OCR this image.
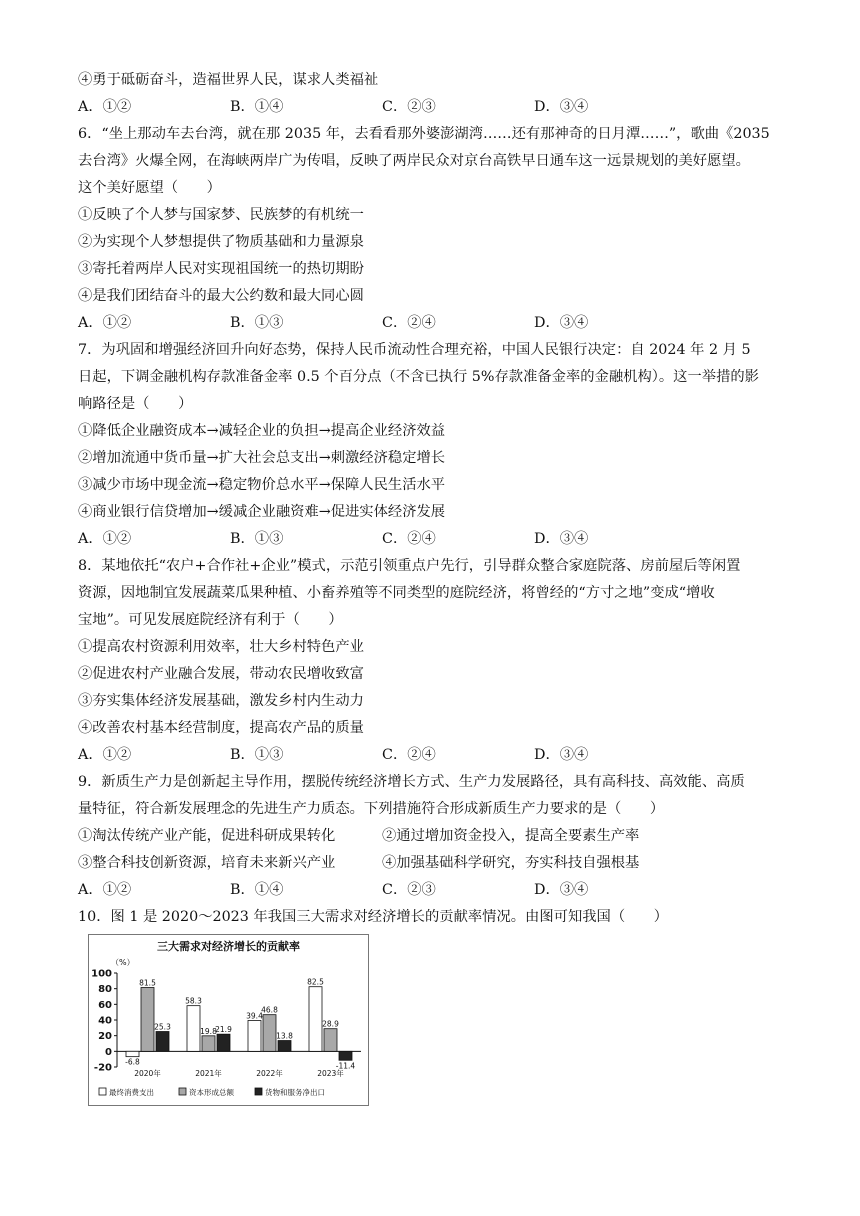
④勇于砥砺奋斗，造福世界人民，谋求人类福祉
A．①②	B．①④	C．②③	D．③④
6．“坐上那动车去台湾，就在那 2035 年，去看看那外婆澎湖湾……还有那神奇的日月潭……”，歌曲《2035
去台湾》火爆全网，在海峡两岸广为传唱，反映了两岸民众对京台高铁早日通车这一远景规划的美好愿望。
这个美好愿望（　　）
①反映了个人梦与国家梦、民族梦的有机统一
②为实现个人梦想提供了物质基础和力量源泉
③寄托着两岸人民对实现祖国统一的热切期盼
④是我们团结奋斗的最大公约数和最大同心圆
A．①②	B．①③	C．②④	D．③④
7．为巩固和增强经济回升向好态势，保持人民币流动性合理充裕，中国人民银行决定：自 2024 年 2 月 5
日起，下调金融机构存款准备金率 0.5 个百分点（不含已执行 5%存款准备金率的金融机构）。这一举措的影
响路径是（　　）
①降低企业融资成本→减轻企业的负担→提高企业经济效益
②增加流通中货币量→扩大社会总支出→刺激经济稳定增长
③减少市场中现金流→稳定物价总水平→保障人民生活水平
④商业银行信贷增加→缓减企业融资难→促进实体经济发展
A．①②	B．①③	C．②④	D．③④
8．某地依托“农户+合作社+企业”模式，示范引领重点户先行，引导群众整合家庭院落、房前屋后等闲置
资源，因地制宜发展蔬菜瓜果种植、小畜养殖等不同类型的庭院经济，将曾经的“方寸之地”变成“增收
宝地”。可见发展庭院经济有利于（　　）
①提高农村资源利用效率，壮大乡村特色产业
②促进农村产业融合发展，带动农民增收致富
③夯实集体经济发展基础，激发乡村内生动力
④改善农村基本经营制度，提高农产品的质量
A．①②	B．①③	C．②④	D．③④
9．新质生产力是创新起主导作用，摆脱传统经济增长方式、生产力发展路径，具有高科技、高效能、高质
量特征，符合新发展理念的先进生产力质态。下列措施符合形成新质生产力要求的是（　　）
①淘汰传统产业产能，促进科研成果转化	②通过增加资金投入，提高全要素生产率
③整合科技创新资源，培育未来新兴产业	④加强基础科学研究，夯实科技自强根基
A．①②	B．①④	C．②③	D．③④
10．图 1 是 2020～2023 年我国三大需求对经济增长的贡献率情况。由图可知我国（　　）
三大需求对经济增长的贡献率
（%）
100
80
60
40
20
0
-20
-6.8
81.5
25.3
2020年
58.3
19.8
21.9
2021年
39.4
46.8
13.8
2022年
82.5
28.9
-11.4
2023年
最终消费支出	资本形成总额	货物和服务净出口
